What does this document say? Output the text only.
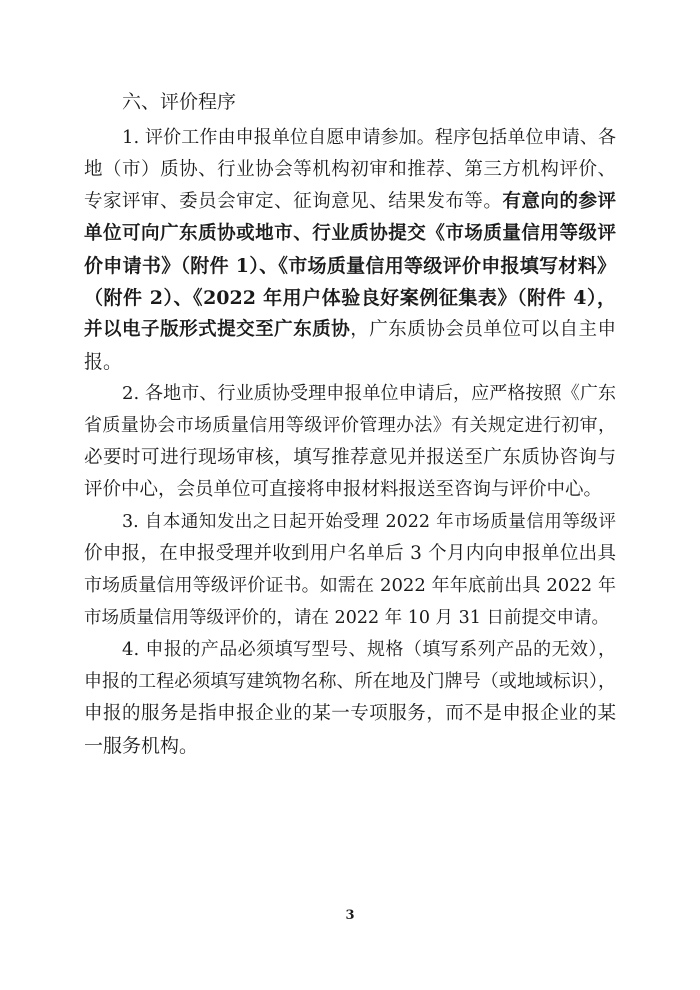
六、评价程序
1. 评价工作由申报单位自愿申请参加。程序包括单位申请、各
地（市）质协、行业协会等机构初审和推荐、第三方机构评价、
专家评审、委员会审定、征询意见、结果发布等。有意向的参评
单位可向广东质协或地市、行业质协提交《市场质量信用等级评
价申请书》（附件 1）、《市场质量信用等级评价申报填写材料》
（附件 2）、《2022 年用户体验良好案例征集表》（附件 4），
并以电子版形式提交至广东质协，广东质协会员单位可以自主申
报。
2. 各地市、行业质协受理申报单位申请后，应严格按照《广东
省质量协会市场质量信用等级评价管理办法》有关规定进行初审，
必要时可进行现场审核，填写推荐意见并报送至广东质协咨询与
评价中心，会员单位可直接将申报材料报送至咨询与评价中心。
3. 自本通知发出之日起开始受理 2022 年市场质量信用等级评
价申报，在申报受理并收到用户名单后 3 个月内向申报单位出具
市场质量信用等级评价证书。如需在 2022 年年底前出具 2022 年
市场质量信用等级评价的，请在 2022 年 10 月 31 日前提交申请。
4. 申报的产品必须填写型号、规格（填写系列产品的无效），
申报的工程必须填写建筑物名称、所在地及门牌号（或地域标识），
申报的服务是指申报企业的某一专项服务，而不是申报企业的某
一服务机构。
3
